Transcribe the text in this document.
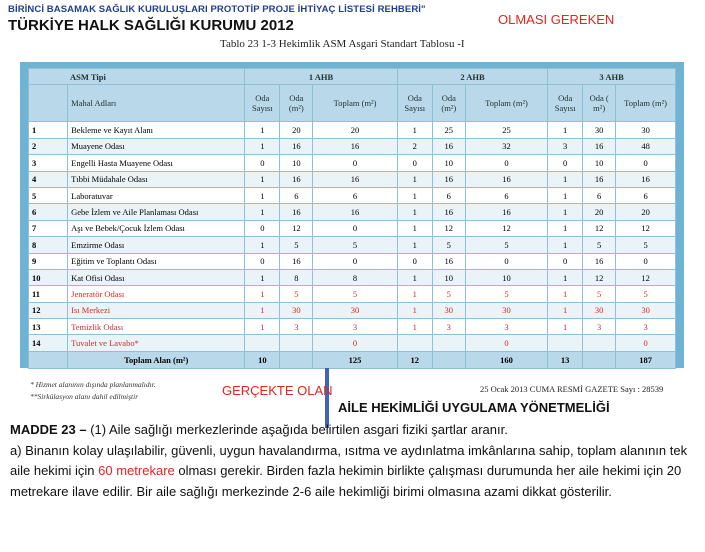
BİRİNCİ BASAMAK SAĞLIK KURULUŞLARI PROTOTİP PROJE İHTİYAÇ LİSTESİ REHBERİ"
TÜRKİYE HALK SAĞLIĞI KURUMU 2012	OLMASI GEREKEN
Tablo 23 1-3 Hekimlik ASM Asgari Standart Tablosu -I
ASM Tipi		1 AHB			2 AHB			3 AHB		
	Mahal Adları	Oda Sayısı	Oda (m²)	Toplam (m²)	Oda Sayısı	Oda (m²)	Toplam (m²)	Oda Sayısı	Oda ( m²)	Toplam (m²)
1	Bekleme ve Kayıt Alanı	1	20	20	1	25	25	1	30	30
2	Muayene Odası	1	16	16	2	16	32	3	16	48
3	Engelli Hasta Muayene Odası	0	10	0	0	10	0	0	10	0
4	Tıbbi Müdahale Odası	1	16	16	1	16	16	1	16	16
5	Laboratuvar	1	6	6	1	6	6	1	6	6
6	Gebe İzlem ve Aile Planlaması Odası	1	16	16	1	16	16	1	20	20
7	Aşı ve Bebek/Çocuk İzlem Odası	0	12	0	1	12	12	1	12	12
8	Emzirme Odası	1	5	5	1	5	5	1	5	5
9	Eğitim ve Toplantı Odası	0	16	0	0	16	0	0	16	0
10	Kat Ofisi Odası	1	8	8	1	10	10	1	12	12
11	Jeneratör Odası	1	5	5	1	5	5	1	5	5
12	Isı Merkezi	1	30	30	1	30	30	1	30	30
13	Temizlik Odası	1	3	3	1	3	3	1	3	3
14	Tuvalet ve Lavabo*			0			0			0
	Toplam Alan (m²)	10		125	12		160	13		187
* Hizmet alanının dışında planlanmalıdır.
**Sirkülasyon alanı dahil edilmiştir	GERÇEKTE OLAN	25 Ocak 2013 CUMA RESMİ GAZETE Sayı : 28539
AİLE HEKİMLİĞİ UYGULAMA YÖNETMELİĞİ
MADDE 23 – (1) Aile sağlığı merkezlerinde aşağıda belirtilen asgari fiziki şartlar aranır.
a) Binanın kolay ulaşılabilir, güvenli, uygun havalandırma, ısıtma ve aydınlatma imkânlarına sahip, toplam alanının tek aile hekimi için 60 metrekare olması gerekir. Birden fazla hekimin birlikte çalışması durumunda her aile hekimi için 20 metrekare ilave edilir. Bir aile sağlığı merkezinde 2-6 aile hekimliği birimi olmasına azami dikkat gösterilir.
